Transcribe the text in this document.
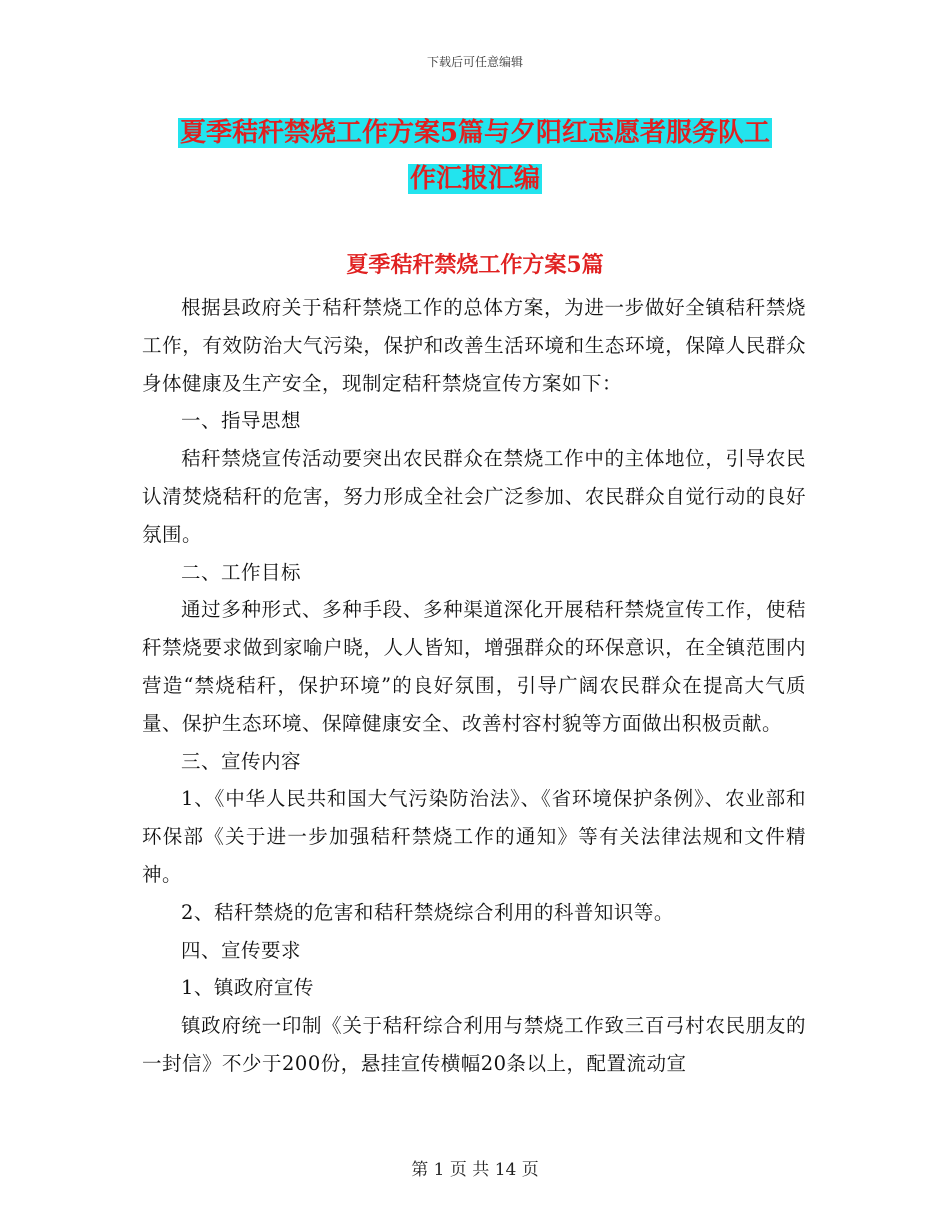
下载后可任意编辑
夏季秸秆禁烧工作方案5篇与夕阳红志愿者服务队工
作汇报汇编
夏季秸秆禁烧工作方案5篇

根据县政府关于秸秆禁烧工作的总体方案，为进一步做好全镇秸秆禁烧工作，有效防治大气污染，保护和改善生活环境和生态环境，保障人民群众身体健康及生产安全，现制定秸秆禁烧宣传方案如下：

一、指导思想

秸秆禁烧宣传活动要突出农民群众在禁烧工作中的主体地位，引导农民认清焚烧秸秆的危害，努力形成全社会广泛参加、农民群众自觉行动的良好氛围。

二、工作目标

通过多种形式、多种手段、多种渠道深化开展秸秆禁烧宣传工作，使秸秆禁烧要求做到家喻户晓，人人皆知，增强群众的环保意识，在全镇范围内营造“禁烧秸秆，保护环境”的良好氛围，引导广阔农民群众在提高大气质量、保护生态环境、保障健康安全、改善村容村貌等方面做出积极贡献。

三、宣传内容

1、《中华人民共和国大气污染防治法》、《省环境保护条例》、农业部和环保部《关于进一步加强秸秆禁烧工作的通知》等有关法律法规和文件精神。

2、秸秆禁烧的危害和秸秆禁烧综合利用的科普知识等。

四、宣传要求

1、镇政府宣传

镇政府统一印制《关于秸秆综合利用与禁烧工作致三百弓村农民朋友的一封信》不少于200份，悬挂宣传横幅20条以上，配置流动宣

第 1 页 共 14 页
